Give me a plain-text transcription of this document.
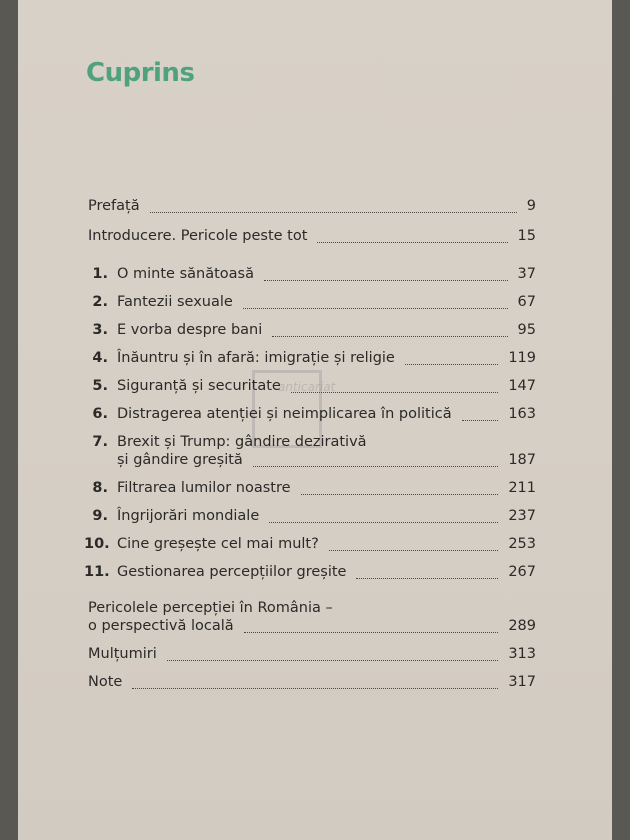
Cuprins
anticariat
Prefață	9
Introducere. Pericole peste tot	15
1. O minte sănătoasă	37
2. Fantezii sexuale	67
3. E vorba despre bani	95
4. Înăuntru și în afară: imigrație și religie	119
5. Siguranță și securitate	147
6. Distragerea atenției și neimplicarea în politică	163
7. Brexit și Trump: gândire dezirativă
și gândire greșită	187
8. Filtrarea lumilor noastre	211
9. Îngrijorări mondiale	237
10. Cine greșește cel mai mult?	253
11. Gestionarea percepțiilor greșite	267
Pericolele percepției în România –
o perspectivă locală	289
Mulțumiri	313
Note	317
